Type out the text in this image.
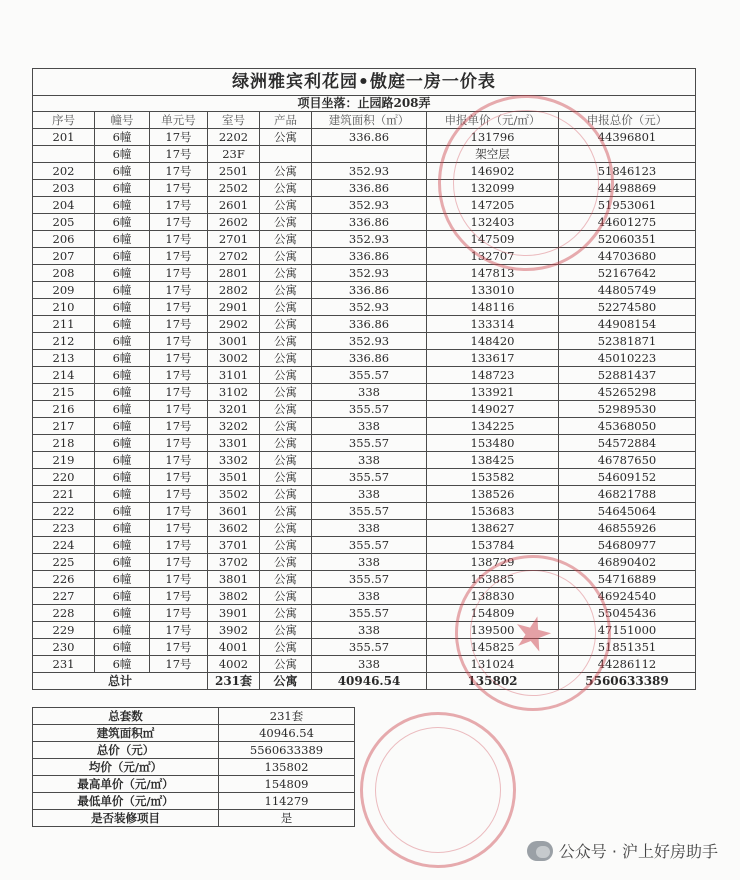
绿洲雅宾利花园•傲庭一房一价表							
项目坐落：止园路208弄							
序号	幢号	单元号	室号	产品	建筑面积（㎡）	申报单价（元/㎡）	申报总价（元）
201	6幢	17号	2202	公寓	336.86	131796	44396801
	6幢	17号	23F			架空层	
202	6幢	17号	2501	公寓	352.93	146902	51846123
203	6幢	17号	2502	公寓	336.86	132099	44498869
204	6幢	17号	2601	公寓	352.93	147205	51953061
205	6幢	17号	2602	公寓	336.86	132403	44601275
206	6幢	17号	2701	公寓	352.93	147509	52060351
207	6幢	17号	2702	公寓	336.86	132707	44703680
208	6幢	17号	2801	公寓	352.93	147813	52167642
209	6幢	17号	2802	公寓	336.86	133010	44805749
210	6幢	17号	2901	公寓	352.93	148116	52274580
211	6幢	17号	2902	公寓	336.86	133314	44908154
212	6幢	17号	3001	公寓	352.93	148420	52381871
213	6幢	17号	3002	公寓	336.86	133617	45010223
214	6幢	17号	3101	公寓	355.57	148723	52881437
215	6幢	17号	3102	公寓	338	133921	45265298
216	6幢	17号	3201	公寓	355.57	149027	52989530
217	6幢	17号	3202	公寓	338	134225	45368050
218	6幢	17号	3301	公寓	355.57	153480	54572884
219	6幢	17号	3302	公寓	338	138425	46787650
220	6幢	17号	3501	公寓	355.57	153582	54609152
221	6幢	17号	3502	公寓	338	138526	46821788
222	6幢	17号	3601	公寓	355.57	153683	54645064
223	6幢	17号	3602	公寓	338	138627	46855926
224	6幢	17号	3701	公寓	355.57	153784	54680977
225	6幢	17号	3702	公寓	338	138729	46890402
226	6幢	17号	3801	公寓	355.57	153885	54716889
227	6幢	17号	3802	公寓	338	138830	46924540
228	6幢	17号	3901	公寓	355.57	154809	55045436
229	6幢	17号	3902	公寓	338	139500	47151000
230	6幢	17号	4001	公寓	355.57	145825	51851351
231	6幢	17号	4002	公寓	338	131024	44286112
总计			231套	公寓	40946.54	135802	5560633389
总套数	231套
建筑面积㎡	40946.54
总价（元）	5560633389
均价（元/㎡）	135802
最高单价（元/㎡）	154809
最低单价（元/㎡）	114279
是否装修项目	是
★
公众号 · 沪上好房助手
